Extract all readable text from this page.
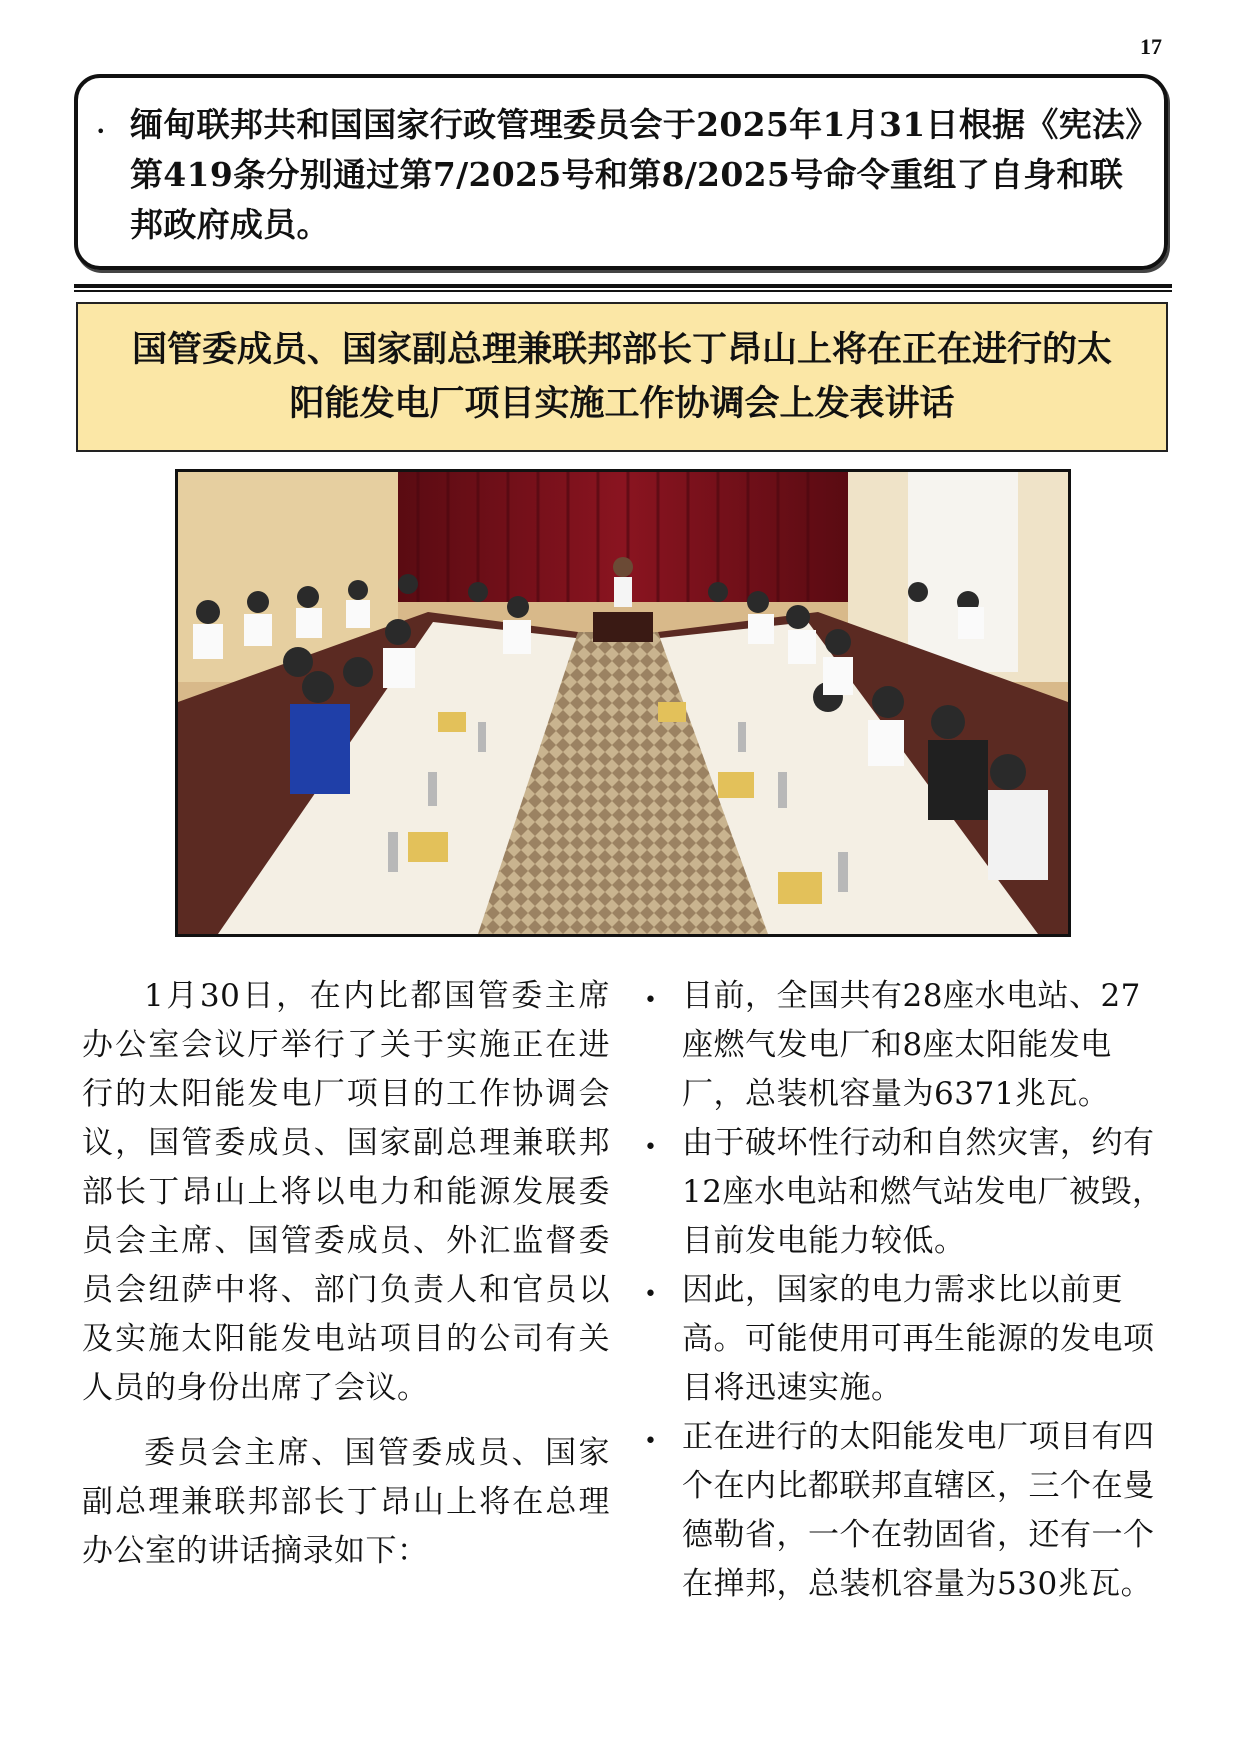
17
• 缅甸联邦共和国国家行政管理委员会于2025年1月31日根据《宪法》第419条分别通过第7/2025号和第8/2025号命令重组了自身和联邦政府成员。
国管委成员、国家副总理兼联邦部长丁昂山上将在正在进行的太
阳能发电厂项目实施工作协调会上发表讲话

1月30日，在内比都国管委主席办公室会议厅举行了关于实施正在进行的太阳能发电厂项目的工作协调会议，国管委成员、国家副总理兼联邦部长丁昂山上将以电力和能源发展委员会主席、国管委成员、外汇监督委员会纽萨中将、部门负责人和官员以及实施太阳能发电站项目的公司有关人员的身份出席了会议。

委员会主席、国管委成员、国家副总理兼联邦部长丁昂山上将在总理办公室的讲话摘录如下：

• 目前，全国共有28座水电站、27座燃气发电厂和8座太阳能发电厂，总装机容量为6371兆瓦。
• 由于破坏性行动和自然灾害，约有12座水电站和燃气站发电厂被毁，目前发电能力较低。
• 因此，国家的电力需求比以前更高。可能使用可再生能源的发电项目将迅速实施。
• 正在进行的太阳能发电厂项目有四个在内比都联邦直辖区，三个在曼德勒省，一个在勃固省，还有一个在掸邦，总装机容量为530兆瓦。
